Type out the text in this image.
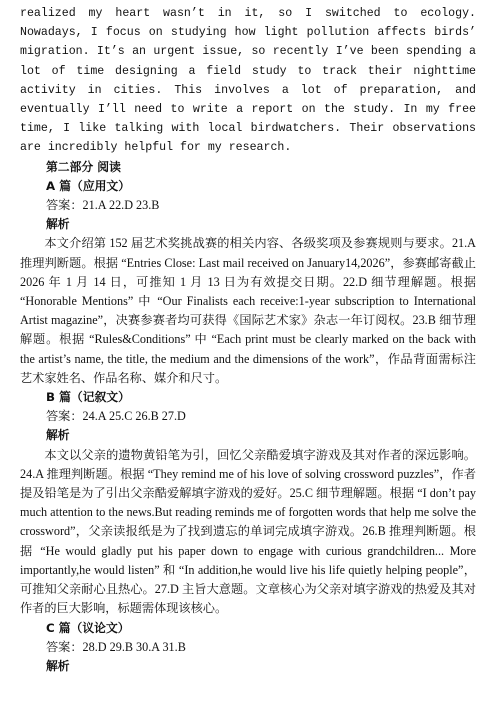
realized my heart wasn’t in it, so I switched to ecology. Nowadays, I focus on studying how light pollution affects birds’ migration. It’s an urgent issue, so recently I’ve been spending a lot of time designing a field study to track their nighttime activity in cities. This involves a lot of preparation, and eventually I’ll need to write a report on the study. In my free time, I like talking with local birdwatchers. Their observations are incredibly helpful for my research.

第二部分 阅读

A 篇（应用文）

答案：21.A 22.D 23.B

解析

本文介绍第 152 届艺术奖挑战赛的相关内容、各级奖项及参赛规则与要求。21.A 推理判断题。根据 “Entries Close: Last mail received on January14,2026”，参赛邮寄截止 2026 年 1 月 14 日，可推知 1 月 13 日为有效提交日期。22.D 细节理解题。根据 “Honorable Mentions” 中 “Our Finalists each receive:1-year subscription to International Artist magazine”，决赛参赛者均可获得《国际艺术家》杂志一年订阅权。23.B 细节理解题。根据 “Rules&Conditions” 中 “Each print must be clearly marked on the back with the artist’s name, the title, the medium and the dimensions of the work”，作品背面需标注艺术家姓名、作品名称、媒介和尺寸。

B 篇（记叙文）

答案：24.A 25.C 26.B 27.D

解析

本文以父亲的遗物黄铅笔为引，回忆父亲酷爱填字游戏及其对作者的深远影响。24.A 推理判断题。根据 “They remind me of his love of solving crossword puzzles”，作者提及铅笔是为了引出父亲酷爱解填字游戏的爱好。25.C 细节理解题。根据 “I don’t pay much attention to the news.But reading reminds me of forgotten words that help me solve the crossword”，父亲读报纸是为了找到遗忘的单词完成填字游戏。26.B 推理判断题。根据 “He would gladly put his paper down to engage with curious grandchildren... More importantly,he would listen” 和 “In addition,he would live his life quietly helping people”，可推知父亲耐心且热心。27.D 主旨大意题。文章核心为父亲对填字游戏的热爱及其对作者的巨大影响，标题需体现该核心。

C 篇（议论文）

答案：28.D 29.B 30.A 31.B

解析
